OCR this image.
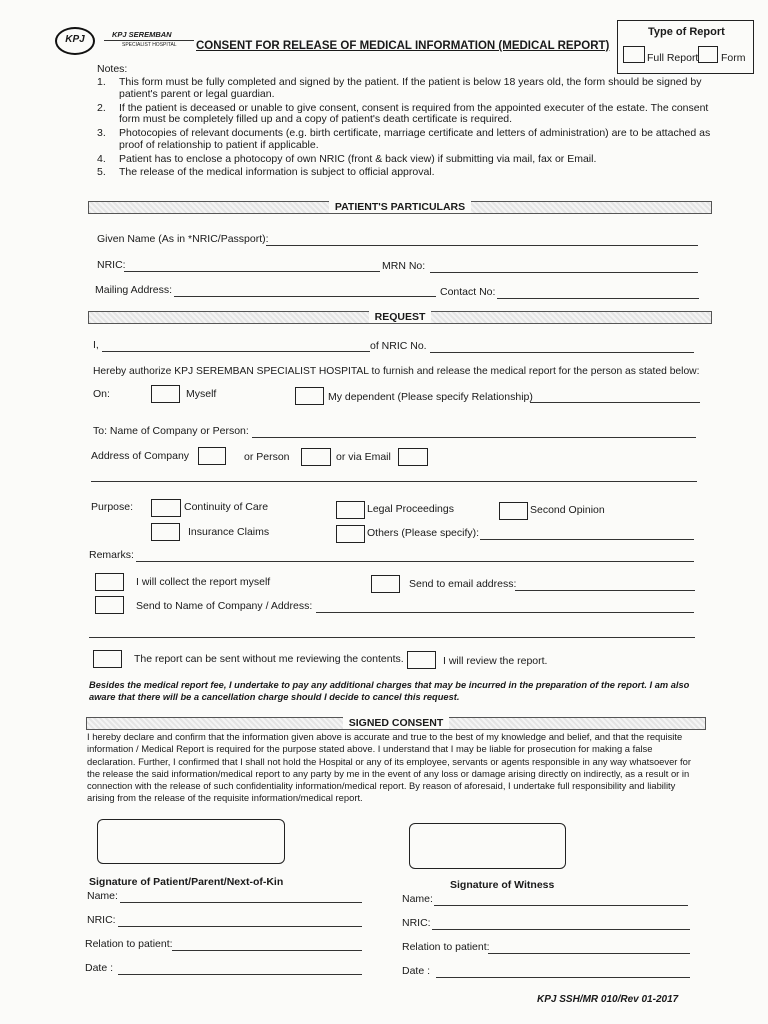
KPJ	KPJ SEREMBAN
SPECIALIST HOSPITAL CONSENT FOR RELEASE OF MEDICAL INFORMATION (MEDICAL REPORT)
Type of Report
Full Report Form
Notes:
1. This form must be fully completed and signed by the patient. If the patient is below 18 years old, the form should be signed by
patient's parent or legal guardian.
2. If the patient is deceased or unable to give consent, consent is required from the appointed executer of the estate. The consent
form must be completely filled up and a copy of patient's death certificate is required.
3. Photocopies of relevant documents (e.g. birth certificate, marriage certificate and letters of administration) are to be attached as
proof of relationship to patient if applicable.
4. Patient has to enclose a photocopy of own NRIC (front & back view) if submitting via mail, fax or Email.
5. The release of the medical information is subject to official approval.
PATIENT'S PARTICULARS
Given Name (As in *NRIC/Passport):
NRIC:	MRN No:
Mailing Address:	Contact No:
REQUEST
I,	of NRIC No.
Hereby authorize KPJ SEREMBAN SPECIALIST HOSPITAL to furnish and release the medical report for the person as stated below:
On:	Myself	My dependent (Please specify Relationship)
To: Name of Company or Person:
Address of Company	or Person	or via Email
Purpose:	Continuity of Care	Legal Proceedings	Second Opinion
Insurance Claims	Others (Please specify):
Remarks:
I will collect the report myself	Send to email address:
Send to Name of Company / Address:
The report can be sent without me reviewing the contents.	I will review the report.
Besides the medical report fee, I undertake to pay any additional charges that may be incurred in the preparation of the report. I am also
aware that there will be a cancellation charge should I decide to cancel this request.
SIGNED CONSENT
I hereby declare and confirm that the information given above is accurate and true to the best of my knowledge and belief, and that the requisite
information / Medical Report is required for the purpose stated above. I understand that I may be liable for prosecution for making a false
declaration. Further, I confirmed that I shall not hold the Hospital or any of its employee, servants or agents responsible in any way whatsoever for
the release the said information/medical report to any party by me in the event of any loss or damage arising directly on indirectly, as a result or in
connection with the release of such confidentiality information/medical report. By reason of aforesaid, I undertake full responsibility and liability
arising from the release of the requisite information/medical report.
Signature of Patient/Parent/Next-of-Kin	Signature of Witness
Name:	Name:
NRIC:	NRIC:
Relation to patient:	Relation to patient:
Date :	Date :
KPJ SSH/MR 010/Rev 01-2017
